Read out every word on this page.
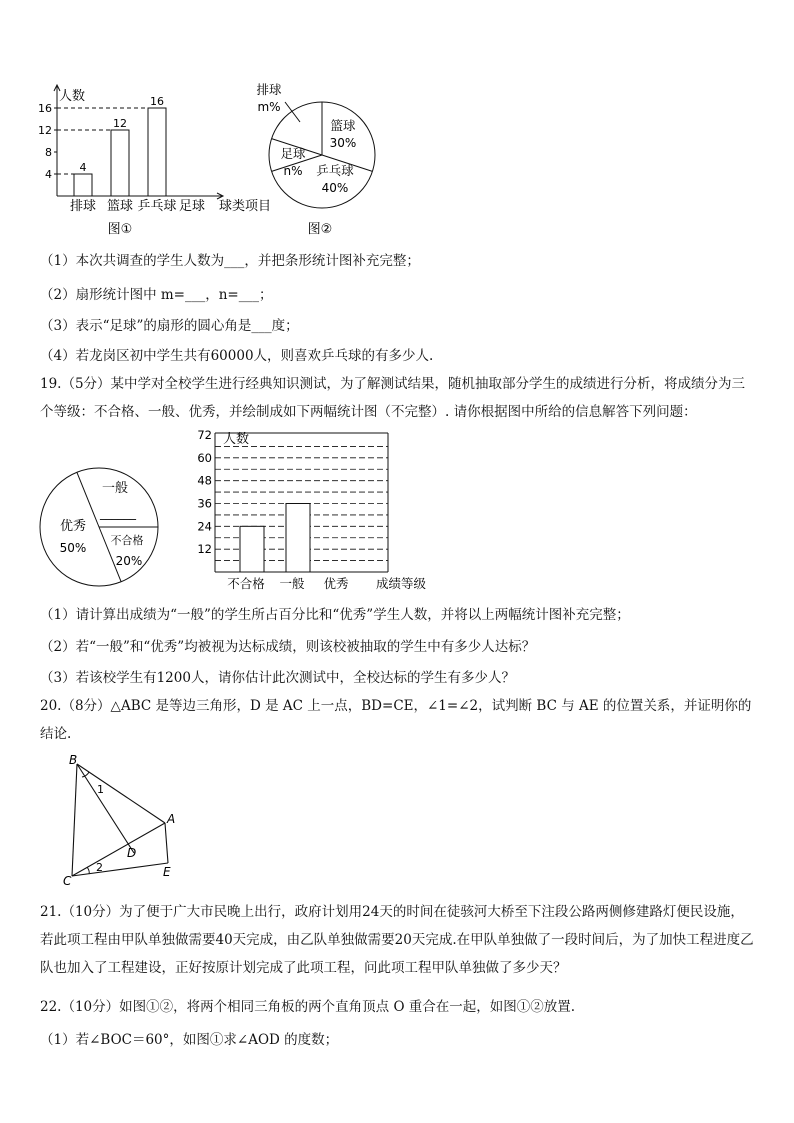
人数
球类项目
4
8
12
16
4
排球
12
篮球
16
乒乓球 足球
图①
篮球
30%
乒乓球
40%
足球
n%
排球
m%
图②
（1）本次共调查的学生人数为___，并把条形统计图补充完整；
（2）扇形统计图中 m=___，n=___；
（3）表示“足球”的扇形的圆心角是___度；
（4）若龙岗区初中学生共有60000人，则喜欢乒乓球的有多少人.
19.（5分）某中学对全校学生进行经典知识测试，为了解测试结果，随机抽取部分学生的成绩进行分析，将成绩分为三个等级：不合格、一般、优秀，并绘制成如下两幅统计图（不完整）. 请你根据图中所给的信息解答下列问题：
一般
______
优秀
50%
不合格
20%
人数
12
24
36
48
60
72
不合格 一般 优秀 成绩等级
（1）请计算出成绩为“一般”的学生所占百分比和“优秀”学生人数，并将以上两幅统计图补充完整；
（2）若“一般”和“优秀”均被视为达标成绩，则该校被抽取的学生中有多少人达标？
（3）若该校学生有1200人，请你估计此次测试中，全校达标的学生有多少人？
20.（8分）△ABC 是等边三角形，D 是 AC 上一点，BD=CE，∠1=∠2，试判断 BC 与 AE 的位置关系，并证明你的结论.
B
A
C
D
E
1
2
21.（10分）为了便于广大市民晚上出行，政府计划用24天的时间在徒骇河大桥至下注段公路两侧修建路灯便民设施，若此项工程由甲队单独做需要40天完成，由乙队单独做需要20天完成.在甲队单独做了一段时间后，为了加快工程进度乙队也加入了工程建设，正好按原计划完成了此项工程，问此项工程甲队单独做了多少天？
22.（10分）如图①②，将两个相同三角板的两个直角顶点 O 重合在一起，如图①②放置.
（1）若∠BOC＝60°，如图①求∠AOD 的度数；
